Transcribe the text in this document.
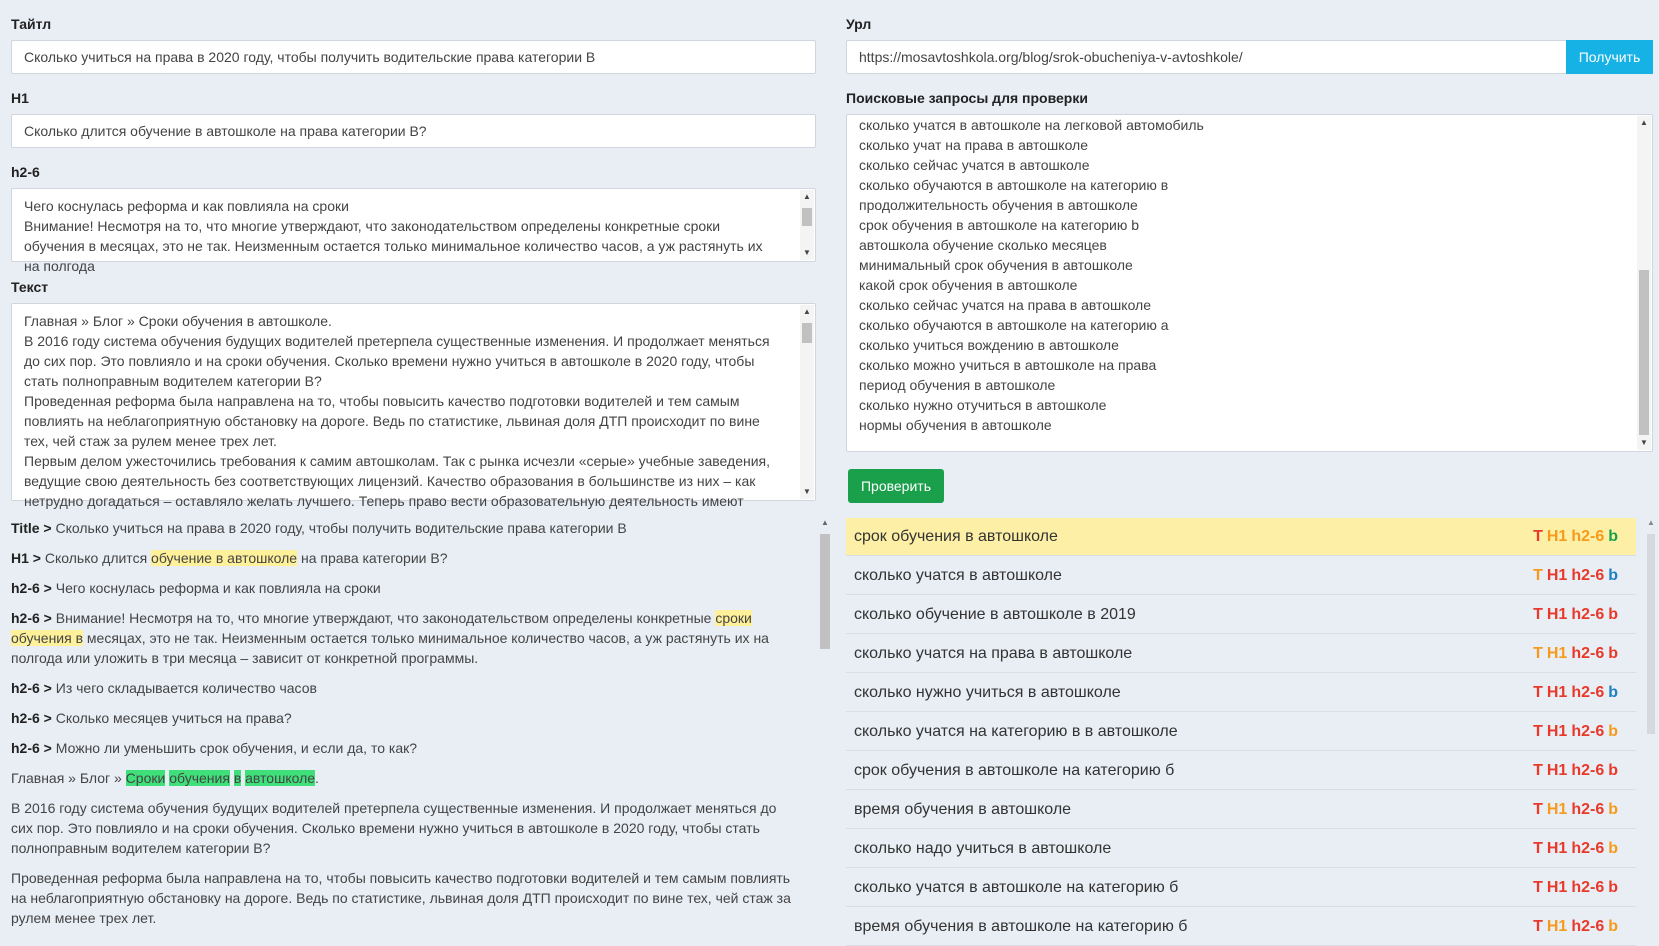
Тайтл
Сколько учиться на права в 2020 году, чтобы получить водительские права категории B
H1
Сколько длится обучение в автошколе на права категории B?
h2-6
Чего коснулась реформа и как повлияла на сроки
Внимание! Несмотря на то, что многие утверждают, что законодательством определены конкретные сроки обучения в месяцах, это не так. Неизменным остается только минимальное количество часов, а уж растянуть их на полгода
▲
▼
Текст
Главная » Блог » Сроки обучения в автошколе.
В 2016 году система обучения будущих водителей претерпела существенные изменения. И продолжает меняться до сих пор. Это повлияло и на сроки обучения. Сколько времени нужно учиться в автошколе в 2020 году, чтобы стать полноправным водителем категории B?
Проведенная реформа была направлена на то, чтобы повысить качество подготовки водителей и тем самым повлиять на неблагоприятную обстановку на дороге. Ведь по статистике, львиная доля ДТП происходит по вине тех, чей стаж за рулем менее трех лет.
Первым делом ужесточились требования к самим автошколам. Так с рынка исчезли «серые» учебные заведения, ведущие свою деятельность без соответствующих лицензий. Качество образования в большинстве из них – как нетрудно догадаться – оставляло желать лучшего. Теперь право вести образовательную деятельность имеют
▲
▼

Title > Сколько учиться на права в 2020 году, чтобы получить водительские права категории B

H1 > Сколько длится обучение в автошколе на права категории B?

h2-6 > Чего коснулась реформа и как повлияла на сроки

h2-6 > Внимание! Несмотря на то, что многие утверждают, что законодательством определены конкретные сроки обучения в месяцах, это не так. Неизменным остается только минимальное количество часов, а уж растянуть их на полгода или уложить в три месяца – зависит от конкретной программы.

h2-6 > Из чего складывается количество часов

h2-6 > Сколько месяцев учиться на права?

h2-6 > Можно ли уменьшить срок обучения, и если да, то как?

Главная » Блог » Сроки обучения в автошколе.

В 2016 году система обучения будущих водителей претерпела существенные изменения. И продолжает меняться до сих пор. Это повлияло и на сроки обучения. Сколько времени нужно учиться в автошколе в 2020 году, чтобы стать полноправным водителем категории B?

Проведенная реформа была направлена на то, чтобы повысить качество подготовки водителей и тем самым повлиять на неблагоприятную обстановку на дороге. Ведь по статистике, львиная доля ДТП происходит по вине тех, чей стаж за рулем менее трех лет.

▲
Урл
https://mosavtoshkola.org/blog/srok-obucheniya-v-avtoshkole/	Получить
Поисковые запросы для проверки
сколько учатся в автошколе на легковой автомобиль
сколько учат на права в автошколе
сколько сейчас учатся в автошколе
сколько обучаются в автошколе на категорию в
продолжительность обучения в автошколе
срок обучения в автошколе на категорию b
автошкола обучение сколько месяцев
минимальный срок обучения в автошколе
какой срок обучения в автошколе
сколько сейчас учатся на права в автошколе
сколько обучаются в автошколе на категорию а
сколько учиться вождению в автошколе
сколько можно учиться в автошколе на права
период обучения в автошколе
сколько нужно отучиться в автошколе
нормы обучения в автошколе
▲
▼
Проверить
срок обучения в автошколе	T H1 h2-6 b
сколько учатся в автошколе	T H1 h2-6 b
сколько обучение в автошколе в 2019	T H1 h2-6 b
сколько учатся на права в автошколе	T H1 h2-6 b
сколько нужно учиться в автошколе	T H1 h2-6 b
сколько учатся на категорию в в автошколе	T H1 h2-6 b
срок обучения в автошколе на категорию б	T H1 h2-6 b
время обучения в автошколе	T H1 h2-6 b
сколько надо учиться в автошколе	T H1 h2-6 b
сколько учатся в автошколе на категорию б	T H1 h2-6 b
время обучения в автошколе на категорию б	T H1 h2-6 b
▲
